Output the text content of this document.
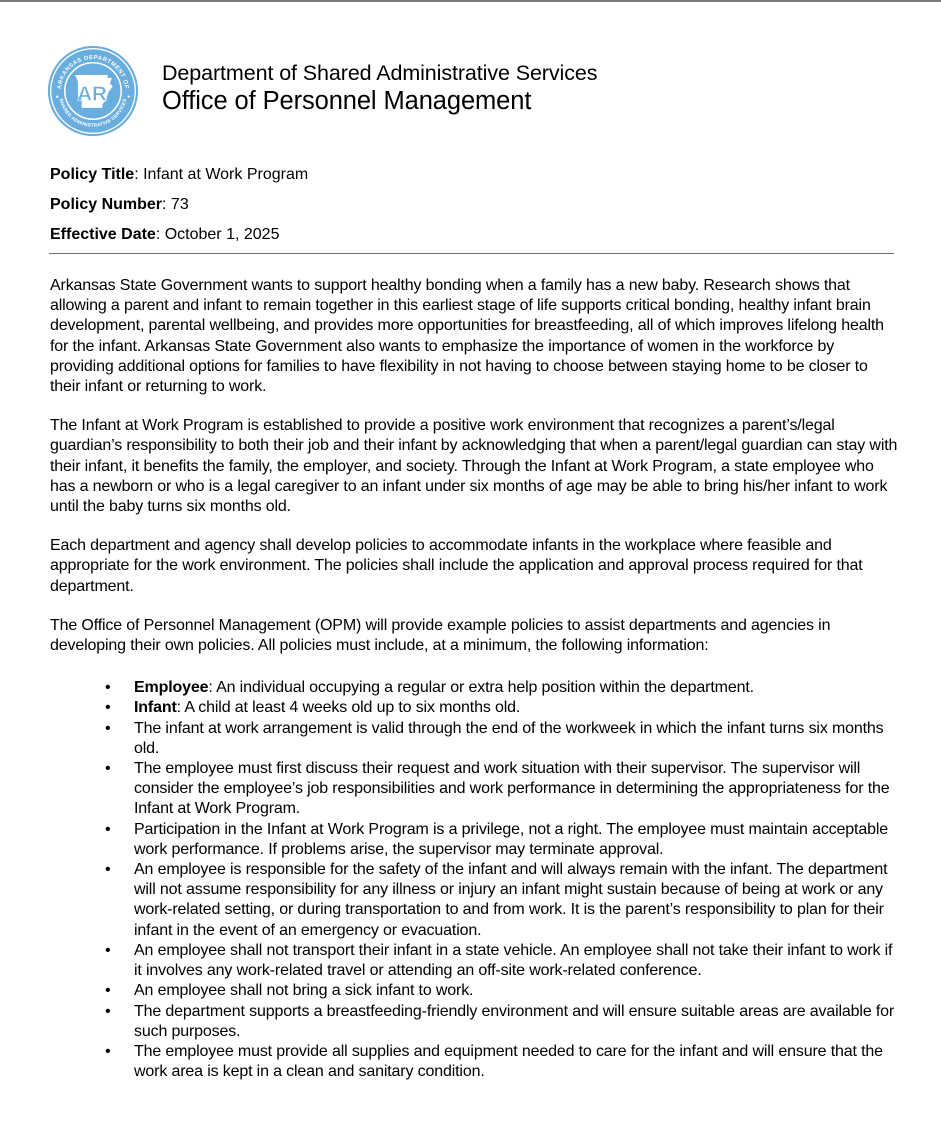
ARKANSAS DEPARTMENT OF
SHARED ADMINISTRATIVE SERVICES
AR
Department of Shared Administrative Services
Office of Personnel Management
Policy Title: Infant at Work Program
Policy Number: 73
Effective Date: October 1, 2025

Arkansas State Government wants to support healthy bonding when a family has a new baby. Research shows that allowing a parent and infant to remain together in this earliest stage of life supports critical bonding, healthy infant brain development, parental wellbeing, and provides more opportunities for breastfeeding, all of which improves lifelong health for the infant. Arkansas State Government also wants to emphasize the importance of women in the workforce by providing additional options for families to have flexibility in not having to choose between staying home to be closer to their infant or returning to work.

The Infant at Work Program is established to provide a positive work environment that recognizes a parent’s/legal guardian’s responsibility to both their job and their infant by acknowledging that when a parent/legal guardian can stay with their infant, it benefits the family, the employer, and society. Through the Infant at Work Program, a state employee who has a newborn or who is a legal caregiver to an infant under six months of age may be able to bring his/her infant to work until the baby turns six months old.

Each department and agency shall develop policies to accommodate infants in the workplace where feasible and appropriate for the work environment. The policies shall include the application and approval process required for that department.

The Office of Personnel Management (OPM) will provide example policies to assist departments and agencies in developing their own policies. All policies must include, at a minimum, the following information:

• Employee: An individual occupying a regular or extra help position within the department.
• Infant: A child at least 4 weeks old up to six months old.
• The infant at work arrangement is valid through the end of the workweek in which the infant turns six months old.
• The employee must first discuss their request and work situation with their supervisor. The supervisor will consider the employee’s job responsibilities and work performance in determining the appropriateness for the Infant at Work Program.
• Participation in the Infant at Work Program is a privilege, not a right. The employee must maintain acceptable work performance. If problems arise, the supervisor may terminate approval.
• An employee is responsible for the safety of the infant and will always remain with the infant. The department will not assume responsibility for any illness or injury an infant might sustain because of being at work or any work-related setting, or during transportation to and from work. It is the parent’s responsibility to plan for their infant in the event of an emergency or evacuation.
• An employee shall not transport their infant in a state vehicle. An employee shall not take their infant to work if it involves any work-related travel or attending an off-site work-related conference.
• An employee shall not bring a sick infant to work.
• The department supports a breastfeeding-friendly environment and will ensure suitable areas are available for such purposes.
• The employee must provide all supplies and equipment needed to care for the infant and will ensure that the work area is kept in a clean and sanitary condition.
